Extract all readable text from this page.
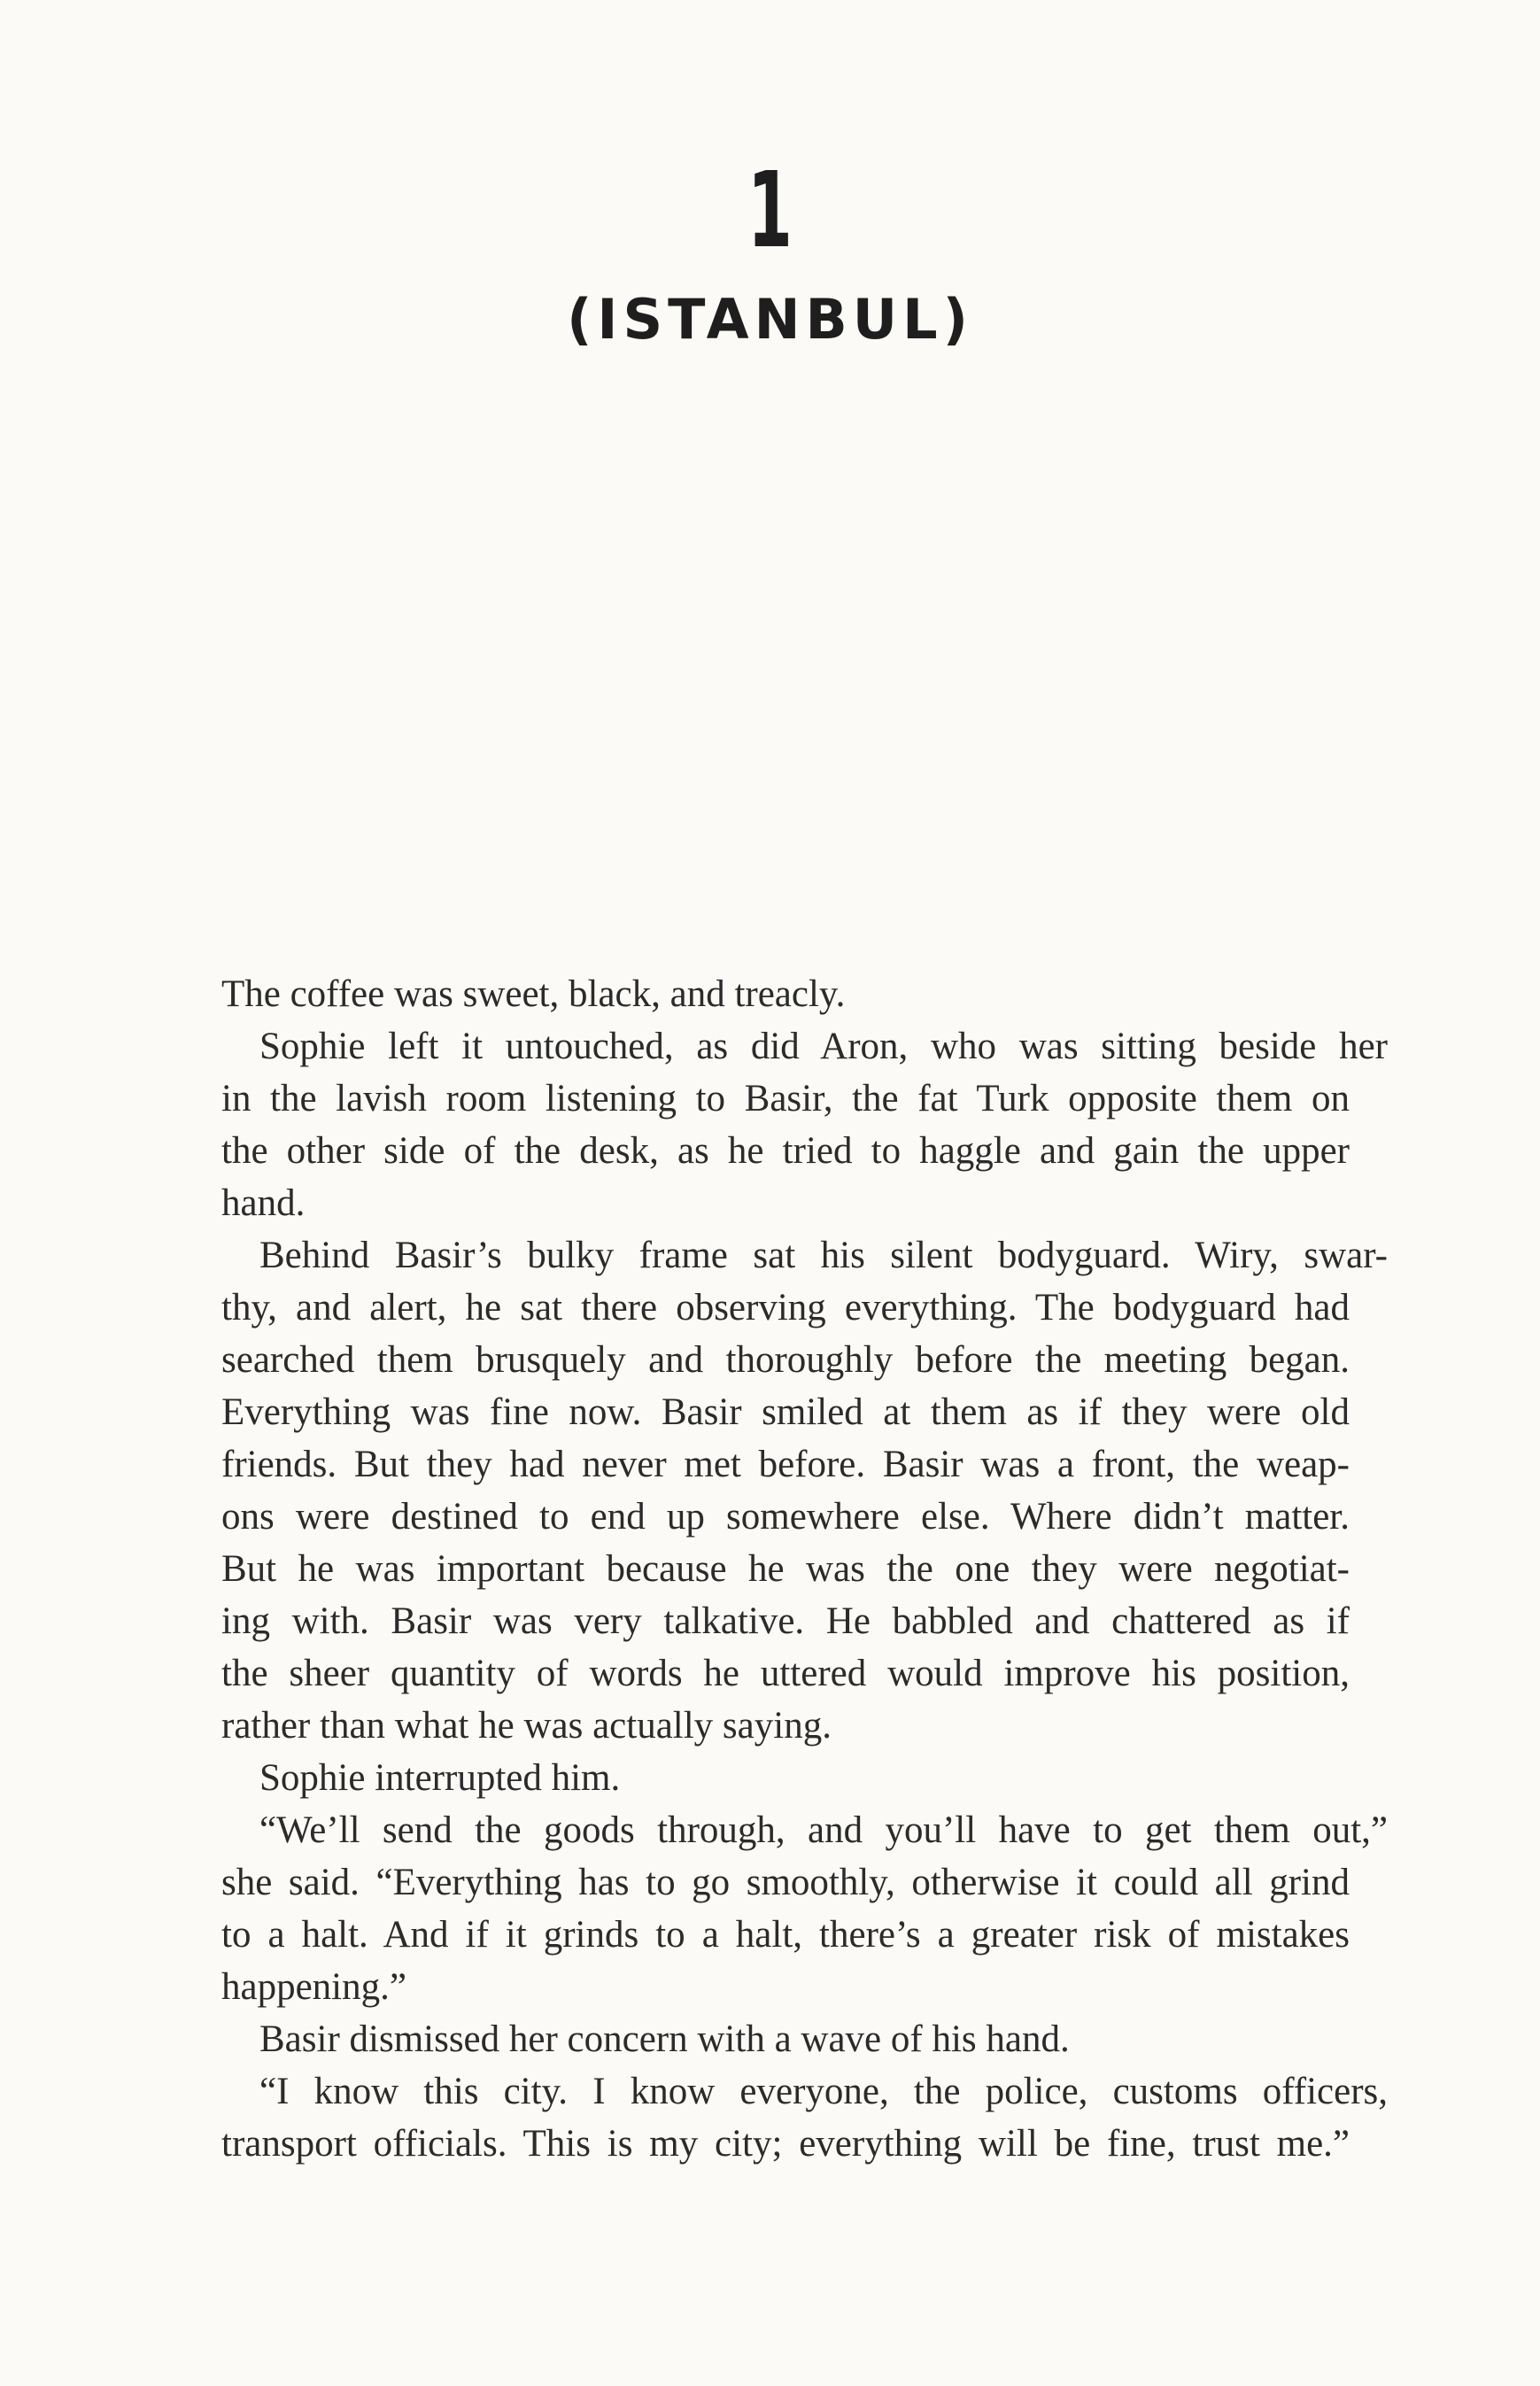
1
(ISTANBUL)
The coffee was sweet, black, and treacly.
Sophie left it untouched, as did Aron, who was sitting beside her
in the lavish room listening to Basir, the fat Turk opposite them on
the other side of the desk, as he tried to haggle and gain the upper
hand.
Behind Basir’s bulky frame sat his silent bodyguard. Wiry, swar-
thy, and alert, he sat there observing everything. The bodyguard had
searched them brusquely and thoroughly before the meeting began.
Everything was fine now. Basir smiled at them as if they were old
friends. But they had never met before. Basir was a front, the weap-
ons were destined to end up somewhere else. Where didn’t matter.
But he was important because he was the one they were negotiat-
ing with. Basir was very talkative. He babbled and chattered as if
the sheer quantity of words he uttered would improve his position,
rather than what he was actually saying.
Sophie interrupted him.
“We’ll send the goods through, and you’ll have to get them out,”
she said. “Everything has to go smoothly, otherwise it could all grind
to a halt. And if it grinds to a halt, there’s a greater risk of mistakes
happening.”
Basir dismissed her concern with a wave of his hand.
“I know this city. I know everyone, the police, customs officers,
transport officials. This is my city; everything will be fine, trust me.”
